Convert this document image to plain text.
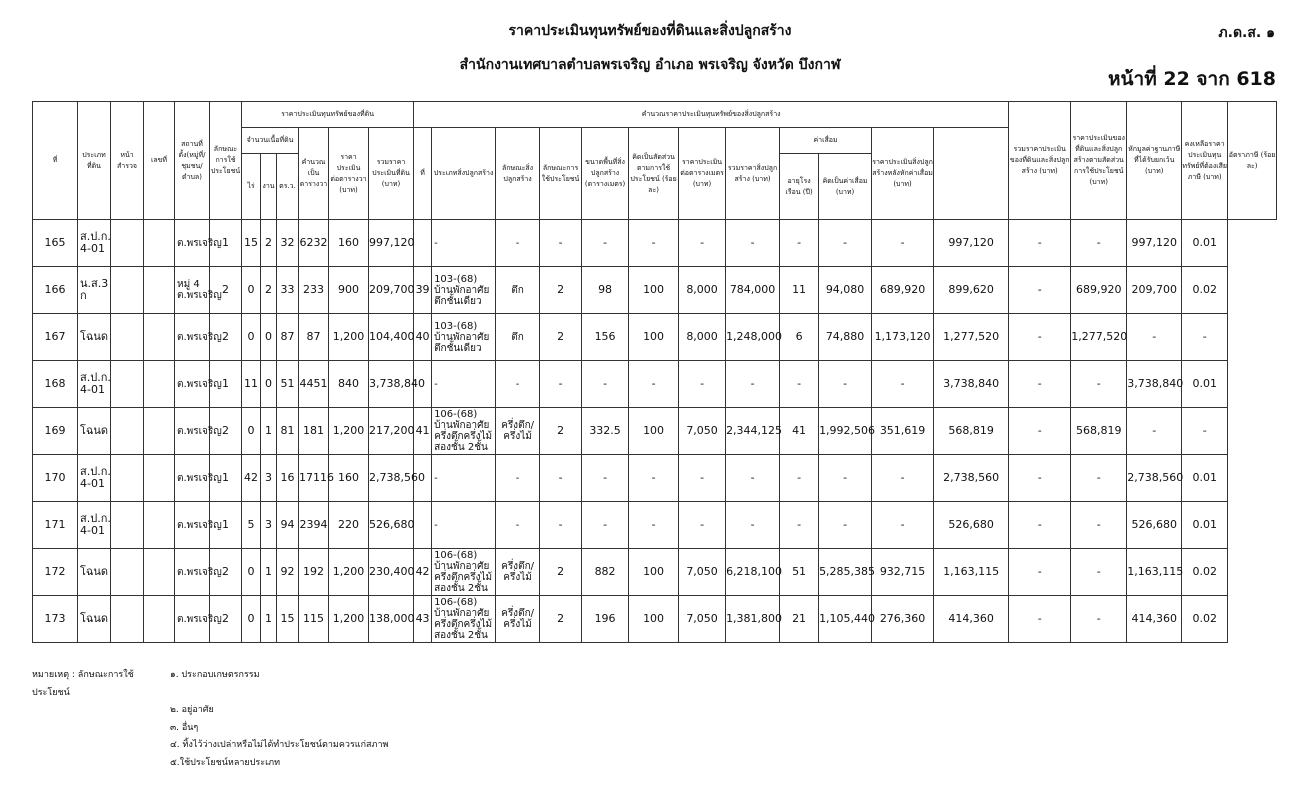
ราคาประเมินทุนทรัพย์ของที่ดินและสิ่งปลูกสร้าง
สำนักงานเทศบาลตำบลพรเจริญ อำเภอ พรเจริญ จังหวัด บึงกาฬ
ภ.ด.ส. ๑
หน้าที่ 22 จาก 618
ที่	ประเภทที่ดิน	หน้าสำรวจ	เลขที่	สถานที่ตั้ง(หมู่ที่/ชุมชน/ตำบล)	ลักษณะการใช้ประโยชน์	ราคาประเมินทุนทรัพย์ของที่ดิน						คำนวณราคาประเมินทุนทรัพย์ของสิ่งปลูกสร้าง												รวมราคาประเมินของที่ดินและสิ่งปลูกสร้าง (บาท)	ราคาประเมินของที่ดินและสิ่งปลูกสร้างตามสัดส่วนการใช้ประโยชน์ (บาท)	หักมูลค่าฐานภาษีที่ได้รับยกเว้น (บาท)	คงเหลือราคาประเมินทุนทรัพย์ที่ต้องเสียภาษี (บาท)	อัตราภาษี (ร้อยละ)
						จำนวนเนื้อที่ดิน			คำนวณเป็นตารางวา	ราคาประเมินต่อตารางวา (บาท)	รวมราคาประเมินที่ดิน (บาท)	ที่	ประเภทสิ่งปลูกสร้าง	ลักษณะสิ่งปลูกสร้าง	ลักษณะการใช้ประโยชน์	ขนาดพื้นที่สิ่งปลูกสร้าง (ตารางเมตร)	คิดเป็นสัดส่วนตามการใช้ประโยชน์ (ร้อยละ)	ราคาประเมินต่อตารางเมตร (บาท)	รวมราคาสิ่งปลูกสร้าง (บาท)	ค่าเสื่อม		ราคาประเมินสิ่งปลูกสร้างหลังหักค่าเสื่อม (บาท)						
						ไร่	งาน	ตร.ว.												อายุโรงเรือน (ปี)	คิดเป็นค่าเสื่อม (บาท)							
165	ส.ป.ก. 4-01			ต.พรเจริญ	1	15	2	32	6232	160	997,120		-	-	-	-	-	-	-	-	-	-	997,120	-	-	997,120	0.01	
166	น.ส.3 ก			หมู่ 4 ต.พรเจริญ	2	0	2	33	233	900	209,700	39	103-(68) บ้านพักอาศัยตึกชั้นเดียว	ตึก	2	98	100	8,000	784,000	11	94,080	689,920	899,620	-	689,920	209,700	0.02	
167	โฉนด			ต.พรเจริญ	2	0	0	87	87	1,200	104,400	40	103-(68) บ้านพักอาศัยตึกชั้นเดียว	ตึก	2	156	100	8,000	1,248,000	6	74,880	1,173,120	1,277,520	-	1,277,520	-	-	
168	ส.ป.ก. 4-01			ต.พรเจริญ	1	11	0	51	4451	840	3,738,840		-	-	-	-	-	-	-	-	-	-	3,738,840	-	-	3,738,840	0.01	
169	โฉนด			ต.พรเจริญ	2	0	1	81	181	1,200	217,200	41	106-(68) บ้านพักอาศัยครึ่งตึกครึ่งไม้สองชั้น 2ชั้น	ครึ่งตึก/ครึ่งไม้	2	332.5	100	7,050	2,344,125	41	1,992,506	351,619	568,819	-	568,819	-	-	
170	ส.ป.ก. 4-01			ต.พรเจริญ	1	42	3	16	17116	160	2,738,560		-	-	-	-	-	-	-	-	-	-	2,738,560	-	-	2,738,560	0.01	
171	ส.ป.ก. 4-01			ต.พรเจริญ	1	5	3	94	2394	220	526,680		-	-	-	-	-	-	-	-	-	-	526,680	-	-	526,680	0.01	
172	โฉนด			ต.พรเจริญ	2	0	1	92	192	1,200	230,400	42	106-(68) บ้านพักอาศัยครึ่งตึกครึ่งไม้สองชั้น 2ชั้น	ครึ่งตึก/ครึ่งไม้	2	882	100	7,050	6,218,100	51	5,285,385	932,715	1,163,115	-	-	1,163,115	0.02	
173	โฉนด			ต.พรเจริญ	2	0	1	15	115	1,200	138,000	43	106-(68) บ้านพักอาศัยครึ่งตึกครึ่งไม้สองชั้น 2ชั้น	ครึ่งตึก/ครึ่งไม้	2	196	100	7,050	1,381,800	21	1,105,440	276,360	414,360	-	-	414,360	0.02	
หมายเหตุ : ลักษณะการใช้ประโยชน์
๑. ประกอบเกษตรกรรม
๒. อยู่อาศัย
๓. อื่นๆ
๔. ทิ้งไว้ว่างเปล่าหรือไม่ได้ทำประโยชน์ตามควรแก่สภาพ
๕.ใช้ประโยชน์หลายประเภท
